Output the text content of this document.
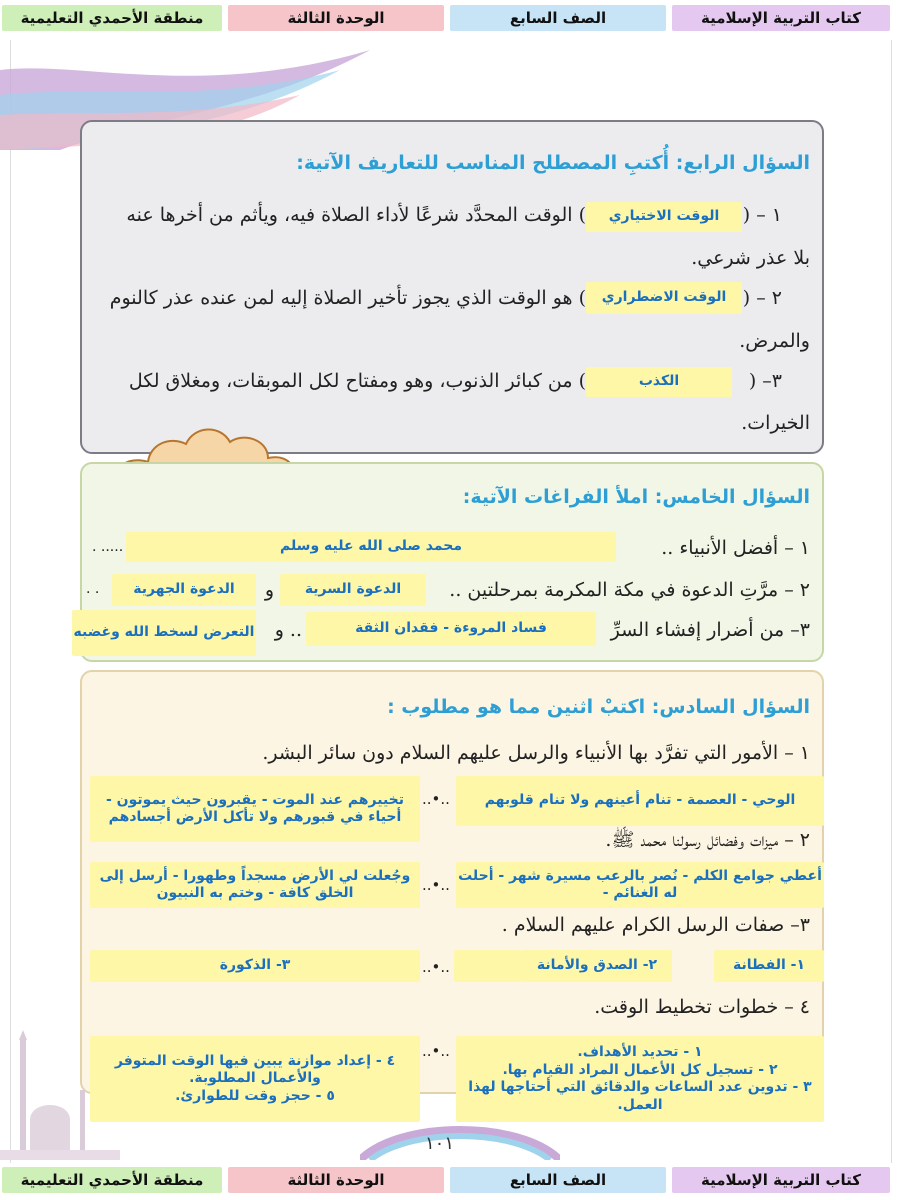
كتاب التربية الإسلامية
الصف السابع
الوحدة الثالثة
منطقة الأحمدي التعليمية
السؤال الرابع: أُكتبِ المصطلح المناسب للتعاريف الآتية:
١ – (
الوقت الاختياري
) الوقت المحدَّد شرعًا لأداء الصلاة فيه، ويأثم من أخرها عنه
بلا عذر شرعي.
٢ – (
الوقت الاضطراري
) هو الوقت الذي يجوز تأخير الصلاة إليه لمن عنده عذر كالنوم
والمرض.
٣– (
الكذب
) من كبائر الذنوب، وهو ومفتاح لكل الموبقات، ومغلاق لكل
الخيرات.
السؤال الخامس: املأ الفراغات الآتية:
١ – أفضل الأنبياء ..
محمد صلى الله عليه وسلم
..... .
٢ – مرَّتِ الدعوة في مكة المكرمة بمرحلتين ..
الدعوة السرية
و
الدعوة الجهرية
. .
٣– من أضرار إفشاء السرِّ
فساد المروءة - فقدان الثقة
.. و
التعرض لسخط الله وغضبه
السؤال السادس: اكتبْ اثنين مما هو مطلوب :
١ – الأمور التي تفرَّد بها الأنبياء والرسل عليهم السلام دون سائر البشر.
الوحي - العصمة - تنام أعينهم ولا تنام قلوبهم
..•..
تخييرهم عند الموت - يقبرون حيث يموتون - أحياء في قبورهم ولا تأكل الأرض أجسادهم
٢ – ميزات وفضائل رسولنا محمد ﷺ.
أعطي جوامع الكلم - نُصر بالرعب مسيرة شهر - أحلت له الغنائم -
..•..
وجُعلت لي الأرض مسجداً وطهورا - أرسل إلى الخلق كافة - وختم به النبيون
٣– صفات الرسل الكرام عليهم السلام .
١- الفطانة
٢- الصدق والأمانة
..•..
٣- الذكورة
٤ – خطوات تخطيط الوقت.
١ - تحديد الأهداف.
٢ - تسجيل كل الأعمال المراد القيام بها.
٣ - تدوين عدد الساعات والدقائق التي أحتاجها لهذا العمل.
..•..
٤ - إعداد موازنة يبين فيها الوقت المتوفر والأعمال المطلوبة.
٥ - حجز وقت للطوارئ.
١٠١
كتاب التربية الإسلامية
الصف السابع
الوحدة الثالثة
منطقة الأحمدي التعليمية
